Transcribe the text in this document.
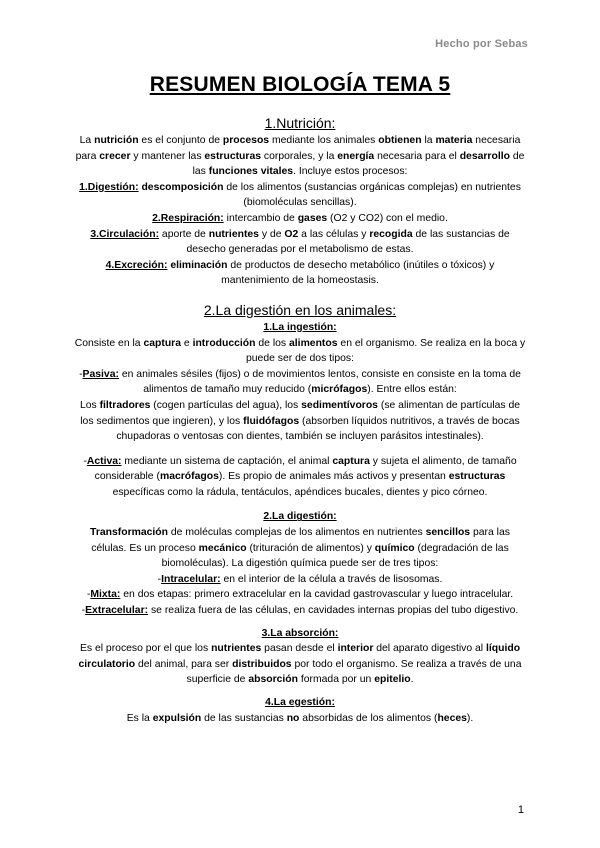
Hecho por Sebas
RESUMEN BIOLOGÍA TEMA 5

1.Nutrición:

La nutrición es el conjunto de procesos mediante los animales obtienen la materia necesaria para crecer y mantener las estructuras corporales, y la energía necesaria para el desarrollo de las funciones vitales. Incluye estos procesos:

1.Digestión: descomposición de los alimentos (sustancias orgánicas complejas) en nutrientes (biomoléculas sencillas).

2.Respiración: intercambio de gases (O2 y CO2) con el medio.

3.Circulación: aporte de nutrientes y de O2 a las células y recogida de las sustancias de desecho generadas por el metabolismo de estas.

4.Excreción: eliminación de productos de desecho metabólico (inútiles o tóxicos) y mantenimiento de la homeostasis.

2.La digestión en los animales:

1.La ingestión:

Consiste en la captura e introducción de los alimentos en el organismo. Se realiza en la boca y puede ser de dos tipos:

-Pasiva: en animales sésiles (fijos) o de movimientos lentos, consiste en consiste en la toma de alimentos de tamaño muy reducido (micrófagos). Entre ellos están:

Los filtradores (cogen partículas del agua), los sedimentívoros (se alimentan de partículas de los sedimentos que ingieren), y los fluidófagos (absorben líquidos nutritivos, a través de bocas chupadoras o ventosas con dientes, también se incluyen parásitos intestinales).

-Activa: mediante un sistema de captación, el animal captura y sujeta el alimento, de tamaño considerable (macrófagos). Es propio de animales más activos y presentan estructuras específicas como la rádula, tentáculos, apéndices bucales, dientes y pico córneo.

2.La digestión:

Transformación de moléculas complejas de los alimentos en nutrientes sencillos para las células. Es un proceso mecánico (trituración de alimentos) y químico (degradación de las biomoléculas). La digestión química puede ser de tres tipos:

-Intracelular: en el interior de la célula a través de lisosomas.

-Mixta: en dos etapas: primero extracelular en la cavidad gastrovascular y luego intracelular.

-Extracelular: se realiza fuera de las células, en cavidades internas propias del tubo digestivo.

3.La absorción:

Es el proceso por el que los nutrientes pasan desde el interior del aparato digestivo al líquido circulatorio del animal, para ser distribuidos por todo el organismo. Se realiza a través de una superficie de absorción formada por un epitelio.

4.La egestión:

Es la expulsión de las sustancias no absorbidas de los alimentos (heces).

1
